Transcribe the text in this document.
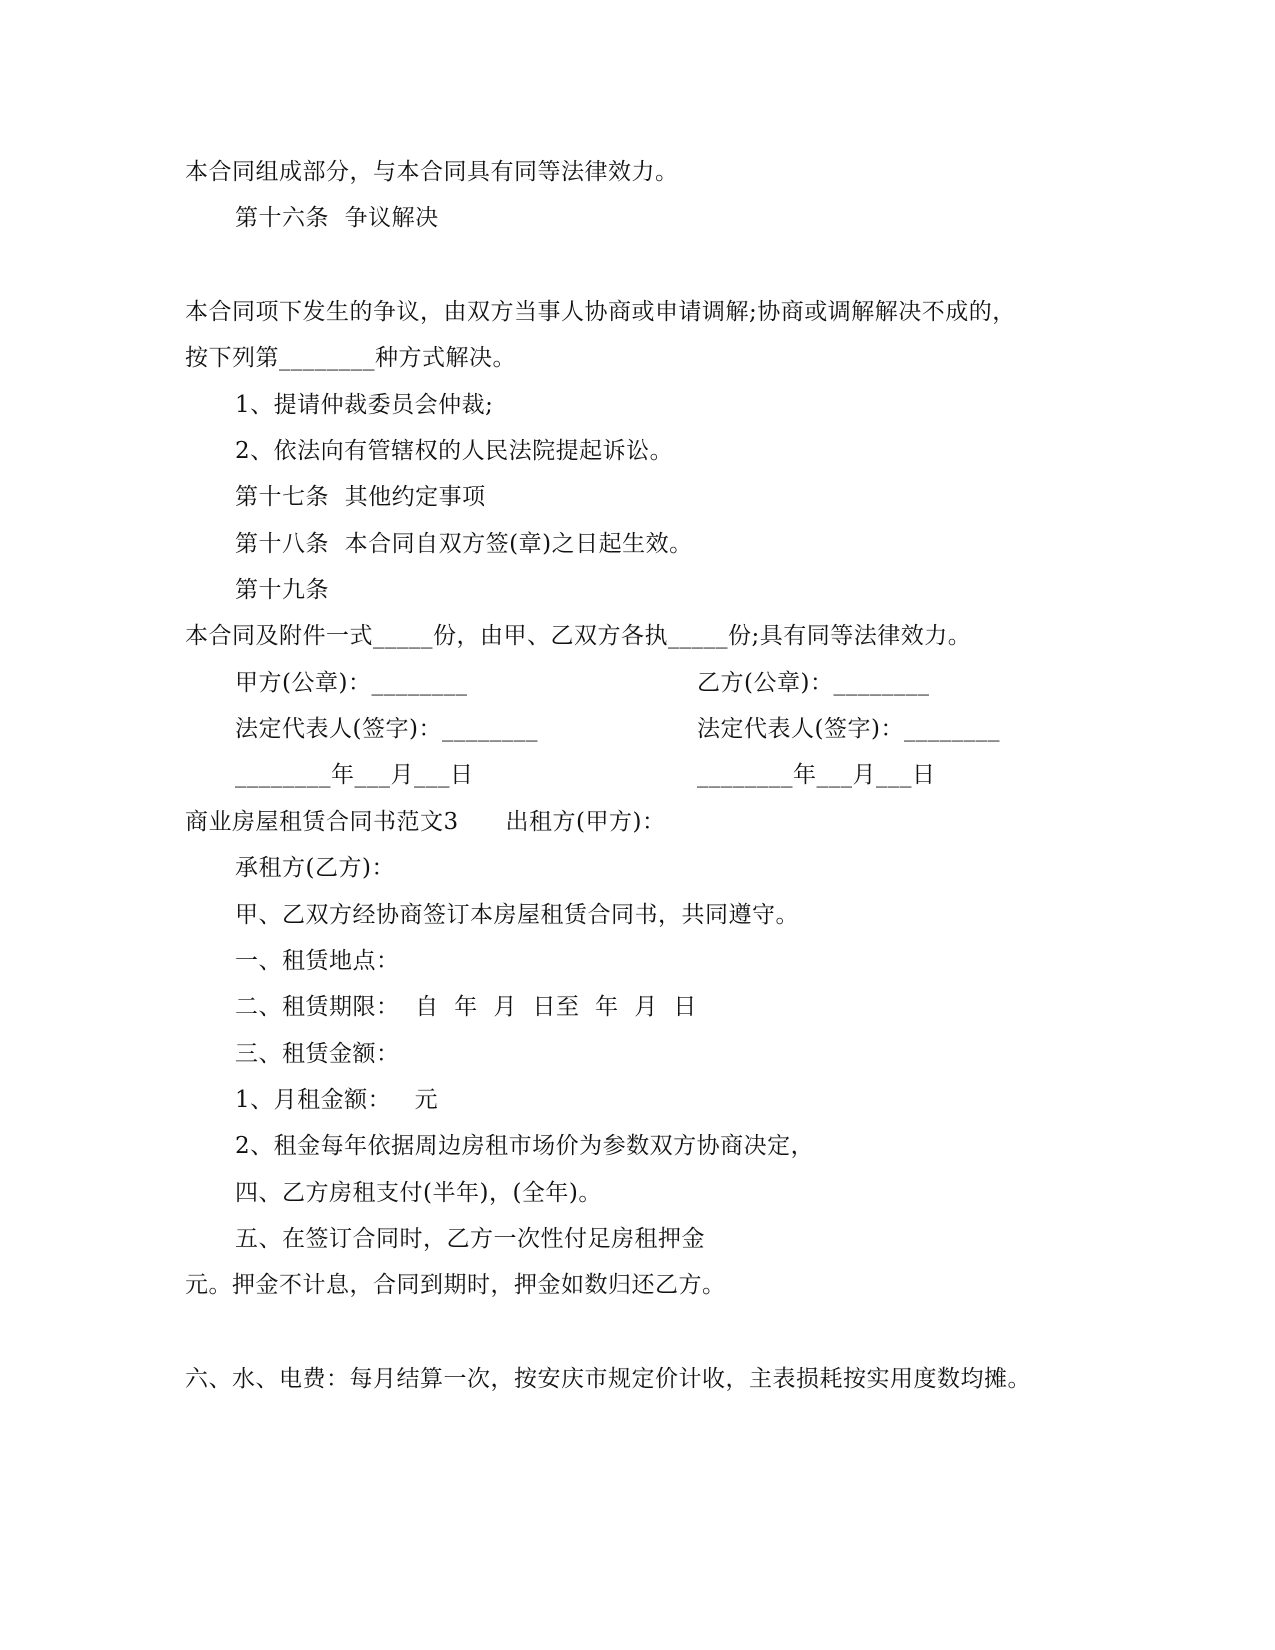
本合同组成部分，与本合同具有同等法律效力。
第十六条  争议解决
本合同项下发生的争议，由双方当事人协商或申请调解;协商或调解解决不成的，
按下列第________种方式解决。
1、提请仲裁委员会仲裁;
2、依法向有管辖权的人民法院提起诉讼。
第十七条  其他约定事项
第十八条  本合同自双方签(章)之日起生效。
第十九条
本合同及附件一式_____份，由甲、乙双方各执_____份;具有同等法律效力。
甲方(公章)：________	乙方(公章)：________
法定代表人(签字)：________	法定代表人(签字)：________
________年___月___日	________年___月___日
商业房屋租赁合同书范文3      出租方(甲方)：
承租方(乙方)：
甲、乙双方经协商签订本房屋租赁合同书，共同遵守。
一、租赁地点：
二、租赁期限：  自  年  月  日至  年  月  日
三、租赁金额：
1、月租金额：   元
2、租金每年依据周边房租市场价为参数双方协商决定，
四、乙方房租支付(半年)，(全年)。
五、在签订合同时，乙方一次性付足房租押金
元。押金不计息，合同到期时，押金如数归还乙方。
六、水、电费：每月结算一次，按安庆市规定价计收，主表损耗按实用度数均摊。
